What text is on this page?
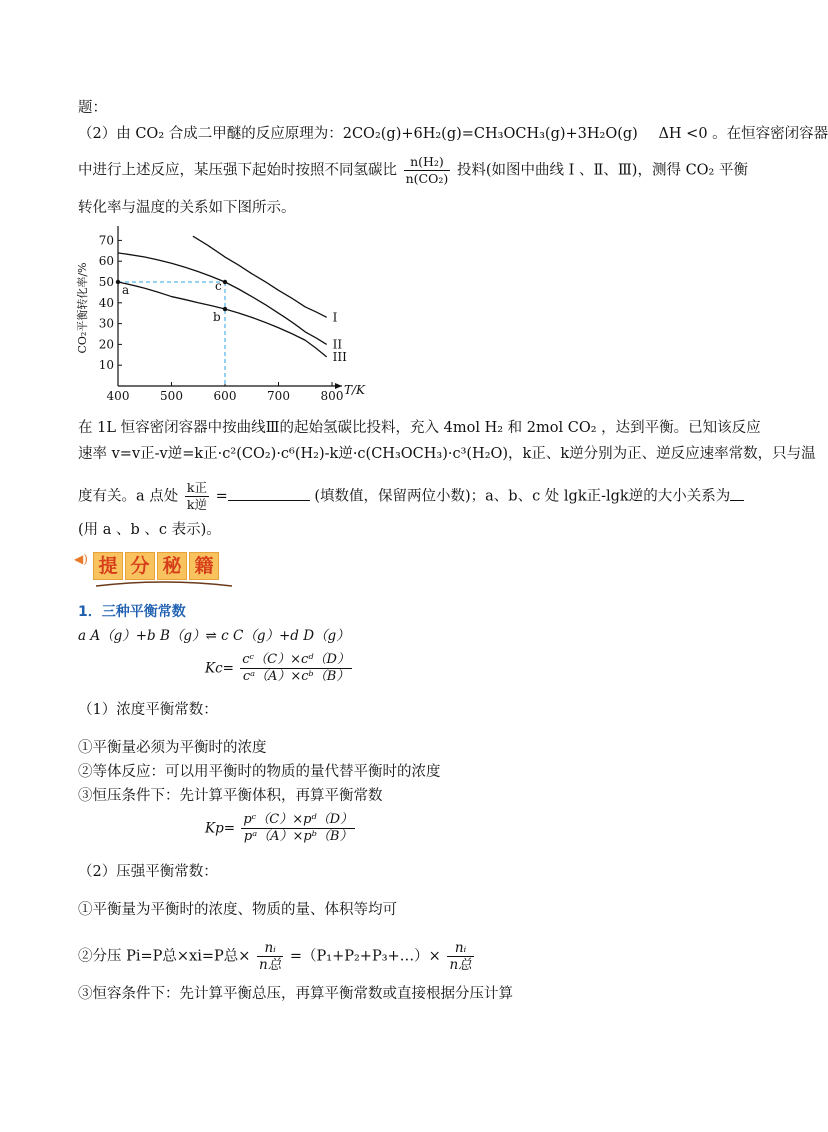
题：
（2）由 CO₂ 合成二甲醚的反应原理为：2CO₂(g)+6H₂(g)=CH₃OCH₃(g)+3H₂O(g) ΔH <0 。在恒容密闭容器
中进行上述反应，某压强下起始时按照不同氢碳比 $\frac{\text{n(H₂)}}{\text{n(CO₂)}}$ 投料(如图中曲线 Ⅰ 、Ⅱ、Ⅲ)，测得 CO₂ 平衡
转化率与温度的关系如下图所示。
400	500	600	700	800
10
20
30
40
50
60
70
T/K
CO₂平衡转化率/%	I
II
III
a	c
b
在 1L 恒容密闭容器中按曲线Ⅲ的起始氢碳比投料，充入 4mol H₂ 和 2mol CO₂ ，达到平衡。已知该反应
速率 v=v正-v逆=k正·c²(CO₂)·c⁶(H₂)-k逆·c(CH₃OCH₃)·c³(H₂O)，k正、k逆分别为正、逆反应速率常数，只与温
度有关。a 点处 $\frac{\text{k正}}{\text{k逆}}$ =	(填数值，保留两位小数)；a、b、c 处 lgk正-lgk逆的大小关系为
(用 a 、b 、c 表示)。
◀) 提 分 秘 籍
1．三种平衡常数
a A（g）+b B（g）⇌ c C（g）+d D（g）
$Kc= \frac{\text{cᶜ（C）×cᵈ（D）}}{\text{cᵃ（A）×cᵇ（B）}}$
（1）浓度平衡常数：
①平衡量必须为平衡时的浓度
②等体反应：可以用平衡时的物质的量代替平衡时的浓度
③恒压条件下：先计算平衡体积，再算平衡常数
$Kp= \frac{\text{pᶜ（C）×pᵈ（D）}}{\text{pᵃ（A）×pᵇ（B）}}$
（2）压强平衡常数：
①平衡量为平衡时的浓度、物质的量、体积等均可
②分压 Pi=P总×xi=P总× $\frac{\text{nᵢ}}{\text{n总}}$ =（P₁+P₂+P₃+…）× $\frac{\text{nᵢ}}{\text{n总}}$
③恒容条件下：先计算平衡总压，再算平衡常数或直接根据分压计算
